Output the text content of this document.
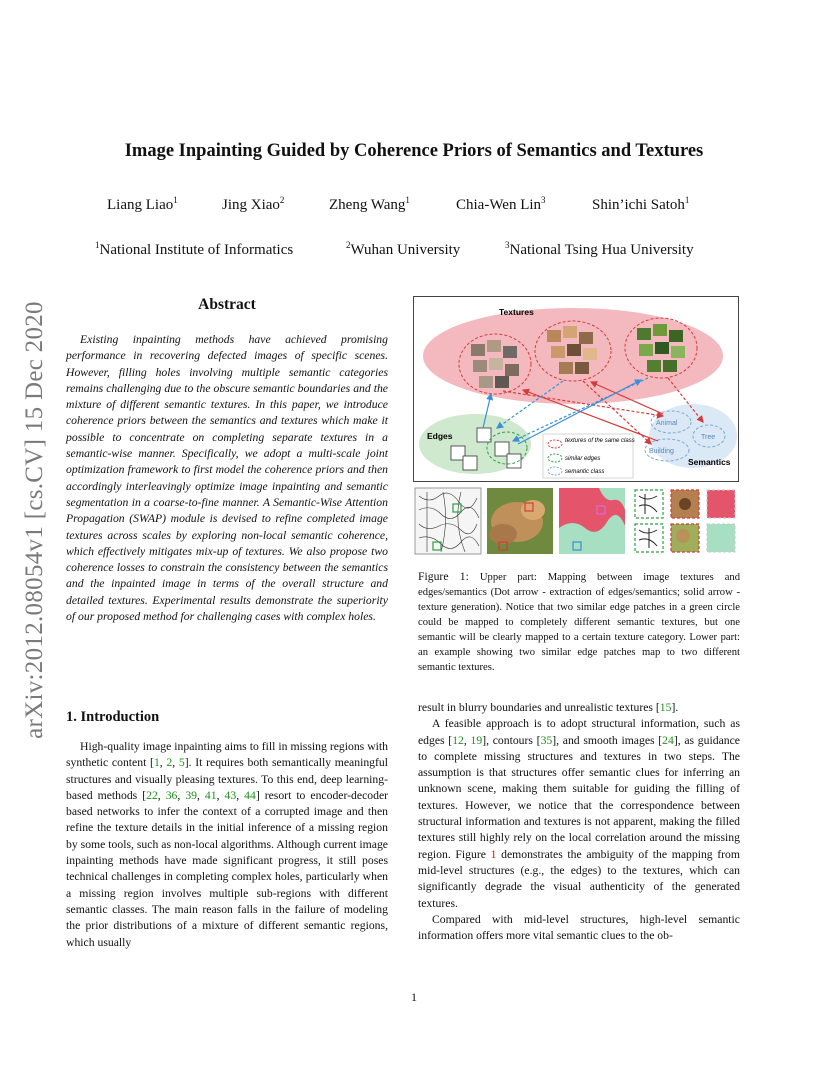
arXiv:2012.08054v1 [cs.CV] 15 Dec 2020
Image Inpainting Guided by Coherence Priors of Semantics and Textures
Liang Liao$^1$	Jing Xiao$^2$	Zheng Wang$^1$	Chia-Wen Lin$^3$	Shin’ichi Satoh$^1$
$^1$National Institute of Informatics	$^2$Wuhan University	$^3$National Tsing Hua University
Abstract
Existing inpainting methods have achieved promising performance in recovering defected images of specific scenes. However, filling holes involving multiple semantic categories remains challenging due to the obscure semantic boundaries and the mixture of different semantic textures. In this paper, we introduce coherence priors between the semantics and textures which make it possible to concentrate on completing separate textures in a semantic-wise manner. Specifically, we adopt a multi-scale joint optimization framework to first model the coherence priors and then accordingly interleavingly optimize image inpainting and semantic segmentation in a coarse-to-fine manner. A Semantic-Wise Attention Propagation (SWAP) module is devised to refine completed image textures across scales by exploring non-local semantic coherence, which effectively mitigates mix-up of textures. We also propose two coherence losses to constrain the consistency between the semantics and the inpainted image in terms of the overall structure and detailed textures. Experimental results demonstrate the superiority of our proposed method for challenging cases with complex holes.
1. Introduction
High-quality image inpainting aims to fill in missing regions with synthetic content [1, 2, 5]. It requires both semantically meaningful structures and visually pleasing textures. To this end, deep learning-based methods [22, 36, 39, 41, 43, 44] resort to encoder-decoder based networks to infer the context of a corrupted image and then refine the texture details in the initial inference of a missing region by some tools, such as non-local algorithms. Although current image inpainting methods have made significant progress, it still poses technical challenges in completing complex holes, particularly when a missing region involves multiple sub-regions with different semantic classes. The main reason falls in the failure of modeling the prior distributions of a mixture of different semantic regions, which usually

result in blurry boundaries and unrealistic textures [15].

A feasible approach is to adopt structural information, such as edges [12, 19], contours [35], and smooth images [24], as guidance to complete missing structures and textures in two steps. The assumption is that structures offer semantic clues for inferring an unknown scene, making them suitable for guiding the filling of textures. However, we notice that the correspondence between structural information and textures is not apparent, making the filled textures still highly rely on the local correlation around the missing region. Figure 1 demonstrates the ambiguity of the mapping from mid-level structures (e.g., the edges) to the textures, which can significantly degrade the visual authenticity of the generated textures.

Compared with mid-level structures, high-level semantic information offers more vital semantic clues to the ob-

Textures
Edges
Semantics
Animal
Tree
Building
textures of the same class
similar edges
semantic class
Figure 1: Upper part: Mapping between image textures and edges/semantics (Dot arrow - extraction of edges/semantics; solid arrow - texture generation). Notice that two similar edge patches in a green circle could be mapped to completely different semantic textures, but one semantic will be clearly mapped to a certain texture category. Lower part: an example showing two similar edge patches map to two different semantic textures.
1
